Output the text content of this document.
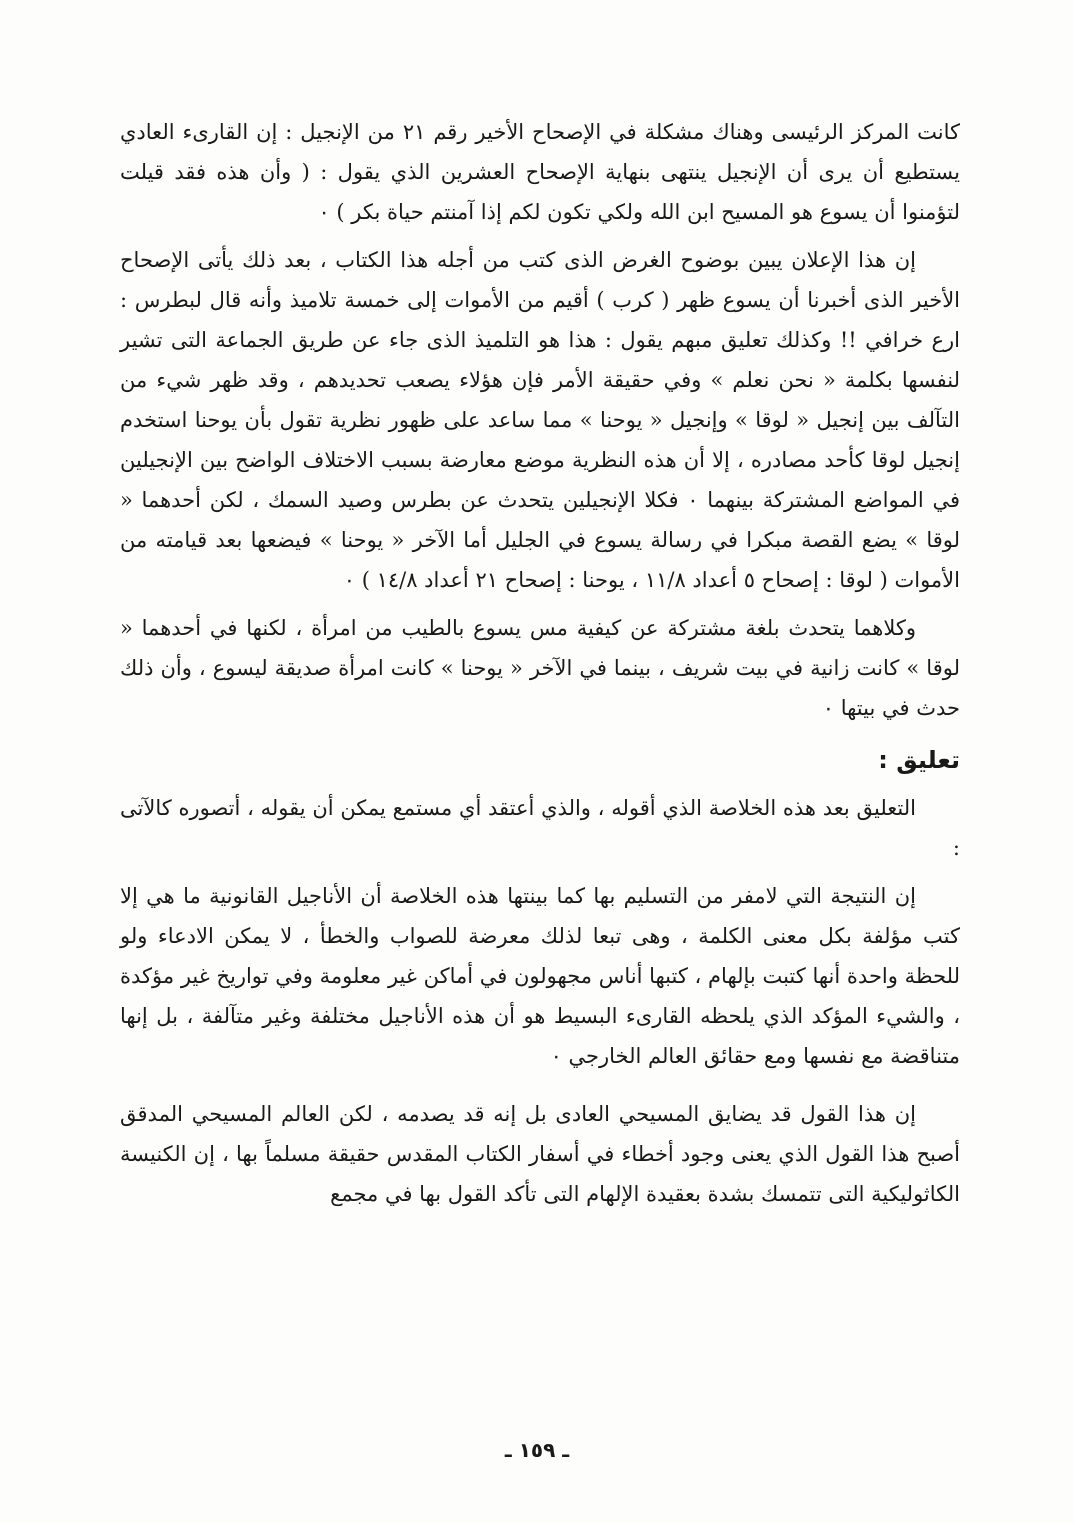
كانت المركز الرئيسى وهناك مشكلة في الإصحاح الأخير رقم ٢١ من الإنجيل : إن القارىء العادي يستطيع أن يرى أن الإنجيل ينتهى بنهاية الإصحاح العشرين الذي يقول : ( وأن هذه فقد قيلت لتؤمنوا أن يسوع هو المسيح ابن الله ولكي تكون لكم إذا آمنتم حياة بكر ) ٠

إن هذا الإعلان يبين بوضوح الغرض الذى كتب من أجله هذا الكتاب ، بعد ذلك يأتى الإصحاح الأخير الذى أخبرنا أن يسوع ظهر ( كرب ) أقيم من الأموات إلى خمسة تلاميذ وأنه قال لبطرس : ارع خرافي !! وكذلك تعليق مبهم يقول : هذا هو التلميذ الذى جاء عن طريق الجماعة التى تشير لنفسها بكلمة « نحن نعلم » وفي حقيقة الأمر فإن هؤلاء يصعب تحديدهم ، وقد ظهر شيء من التآلف بين إنجيل « لوقا » وإنجيل « يوحنا » مما ساعد على ظهور نظرية تقول بأن يوحنا استخدم إنجيل لوقا كأحد مصادره ، إلا أن هذه النظرية موضع معارضة بسبب الاختلاف الواضح بين الإنجيلين في المواضع المشتركة بينهما ٠ فكلا الإنجيلين يتحدث عن بطرس وصيد السمك ، لكن أحدهما « لوقا » يضع القصة مبكرا في رسالة يسوع في الجليل أما الآخر « يوحنا » فيضعها بعد قيامته من الأموات ( لوقا : إصحاح ٥ أعداد ١١/٨ ، يوحنا : إصحاح ٢١ أعداد ١٤/٨ ) ٠

وكلاهما يتحدث بلغة مشتركة عن كيفية مس يسوع بالطيب من امرأة ، لكنها في أحدهما « لوقا » كانت زانية في بيت شريف ، بينما في الآخر « يوحنا » كانت امرأة صديقة ليسوع ، وأن ذلك حدث في بيتها ٠

تعليق :

التعليق بعد هذه الخلاصة الذي أقوله ، والذي أعتقد أي مستمع يمكن أن يقوله ، أتصوره كالآتى :

إن النتيجة التي لامفر من التسليم بها كما بينتها هذه الخلاصة أن الأناجيل القانونية ما هي إلا كتب مؤلفة بكل معنى الكلمة ، وهى تبعا لذلك معرضة للصواب والخطأ ، لا يمكن الادعاء ولو للحظة واحدة أنها كتبت بإلهام ، كتبها أناس مجهولون في أماكن غير معلومة وفي تواريخ غير مؤكدة ، والشيء المؤكد الذي يلحظه القارىء البسيط هو أن هذه الأناجيل مختلفة وغير متآلفة ، بل إنها متناقضة مع نفسها ومع حقائق العالم الخارجي ٠

إن هذا القول قد يضايق المسيحي العادى بل إنه قد يصدمه ، لكن العالم المسيحي المدقق أصبح هذا القول الذي يعنى وجود أخطاء في أسفار الكتاب المقدس حقيقة مسلماً بها ، إن الكنيسة الكاثوليكية التى تتمسك بشدة بعقيدة الإلهام التى تأكد القول بها في مجمع

ـ ١٥٩ ـ
